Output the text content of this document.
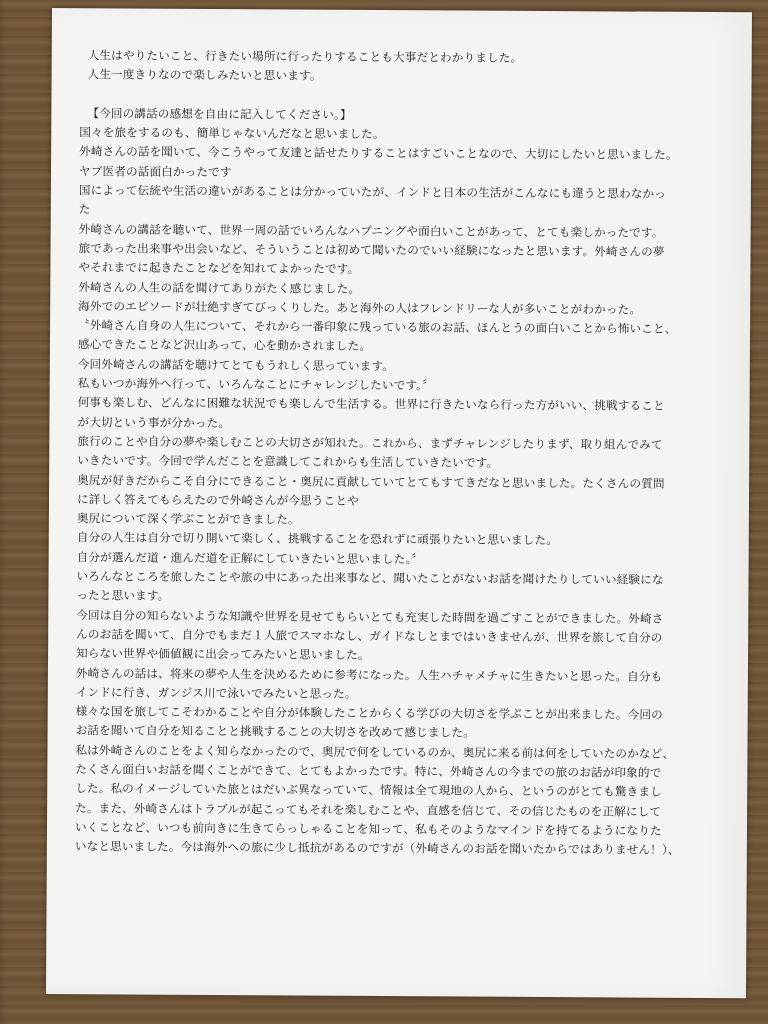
人生はやりたいこと、行きたい場所に行ったりすることも大事だとわかりました。
人生一度きりなので楽しみたいと思います。
【今回の講話の感想を自由に記入してください。】
国々を旅をするのも、簡単じゃないんだなと思いました。
外崎さんの話を聞いて、今こうやって友達と話せたりすることはすごいことなので、大切にしたいと思いました。
ヤブ医者の話面白かったです
国によって伝統や生活の違いがあることは分かっていたが、インドと日本の生活がこんなにも違うと思わなかっ
た
外崎さんの講話を聴いて、世界一周の話でいろんなハプニングや面白いことがあって、とても楽しかったです。
旅であった出来事や出会いなど、そういうことは初めて聞いたのでいい経験になったと思います。外崎さんの夢
やそれまでに起きたことなどを知れてよかったです。
外崎さんの人生の話を聞けてありがたく感じました。
海外でのエピソードが壮絶すぎてびっくりした。あと海外の人はフレンドリーな人が多いことがわかった。
〝外崎さん自身の人生について、それから一番印象に残っている旅のお話、ほんとうの面白いことから怖いこと、
感心できたことなど沢山あって、心を動かされました。
今回外崎さんの講話を聴けてとてもうれしく思っています。
私もいつか海外へ行って、いろんなことにチャレンジしたいです。〞
何事も楽しむ、どんなに困難な状況でも楽しんで生活する。世界に行きたいなら行った方がいい、挑戦すること
が大切という事が分かった。
旅行のことや自分の夢や楽しむことの大切さが知れた。これから、まずチャレンジしたりまず、取り組んでみて
いきたいです。今回で学んだことを意識してこれからも生活していきたいです。
奥尻が好きだからこそ自分にできること・奥尻に貢献していてとてもすてきだなと思いました。たくさんの質問
に詳しく答えてもらえたので外崎さんが今思うことや
奥尻について深く学ぶことができました。
自分の人生は自分で切り開いて楽しく、挑戦することを恐れずに頑張りたいと思いました。
自分が選んだ道・進んだ道を正解にしていきたいと思いました。〞
いろんなところを旅したことや旅の中にあった出来事など、聞いたことがないお話を聞けたりしていい経験にな
ったと思います。
今回は自分の知らないような知識や世界を見せてもらいとても充実した時間を過ごすことができました。外崎さ
んのお話を聞いて、自分でもまだ１人旅でスマホなし、ガイドなしとまではいきませんが、世界を旅して自分の
知らない世界や価値観に出会ってみたいと思いました。
外崎さんの話は、将来の夢や人生を決めるために参考になった。人生ハチャメチャに生きたいと思った。自分も
インドに行き、ガンジス川で泳いでみたいと思った。
様々な国を旅してこそわかることや自分が体験したことからくる学びの大切さを学ぶことが出来ました。今回の
お話を聞いて自分を知ることと挑戦することの大切さを改めて感じました。
私は外崎さんのことをよく知らなかったので、奥尻で何をしているのか、奥尻に来る前は何をしていたのかなど、
たくさん面白いお話を聞くことができて、とてもよかったです。特に、外崎さんの今までの旅のお話が印象的で
した。私のイメージしていた旅とはだいぶ異なっていて、情報は全て現地の人から、というのがとても驚きまし
た。また、外崎さんはトラブルが起こってもそれを楽しむことや、直感を信じて、その信じたものを正解にして
いくことなど、いつも前向きに生きてらっしゃることを知って、私もそのようなマインドを持てるようになりた
いなと思いました。今は海外への旅に少し抵抗があるのですが（外崎さんのお話を聞いたからではありません！）、
